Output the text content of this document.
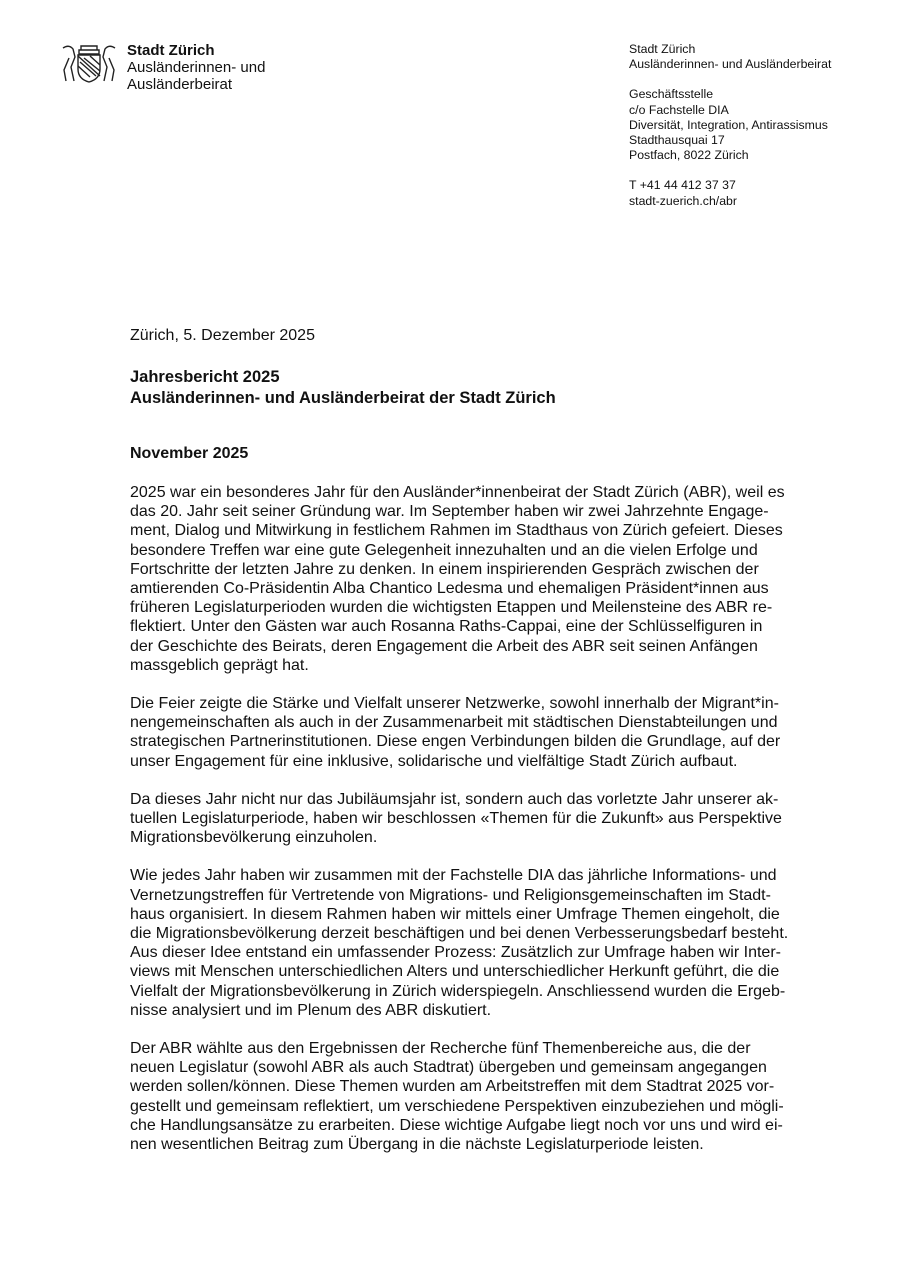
Stadt Zürich
Ausländerinnen- und
Ausländerbeirat
Stadt Zürich
Ausländerinnen- und Ausländerbeirat
Geschäftsstelle
c/o Fachstelle DIA
Diversität, Integration, Antirassismus
Stadthausquai 17
Postfach, 8022 Zürich
T +41 44 412 37 37
stadt-zuerich.ch/abr
Zürich, 5. Dezember 2025
Jahresbericht 2025
Ausländerinnen- und Ausländerbeirat der Stadt Zürich
November 2025
2025 war ein besonderes Jahr für den Ausländer*innenbeirat der Stadt Zürich (ABR), weil es
das 20. Jahr seit seiner Gründung war. Im September haben wir zwei Jahrzehnte Engage-
ment, Dialog und Mitwirkung in festlichem Rahmen im Stadthaus von Zürich gefeiert. Dieses
besondere Treffen war eine gute Gelegenheit innezuhalten und an die vielen Erfolge und
Fortschritte der letzten Jahre zu denken. In einem inspirierenden Gespräch zwischen der
amtierenden Co-Präsidentin Alba Chantico Ledesma und ehemaligen Präsident*innen aus
früheren Legislaturperioden wurden die wichtigsten Etappen und Meilensteine des ABR re-
flektiert. Unter den Gästen war auch Rosanna Raths-Cappai, eine der Schlüsselfiguren in
der Geschichte des Beirats, deren Engagement die Arbeit des ABR seit seinen Anfängen
massgeblich geprägt hat.
Die Feier zeigte die Stärke und Vielfalt unserer Netzwerke, sowohl innerhalb der Migrant*in-
nengemeinschaften als auch in der Zusammenarbeit mit städtischen Dienstabteilungen und
strategischen Partnerinstitutionen. Diese engen Verbindungen bilden die Grundlage, auf der
unser Engagement für eine inklusive, solidarische und vielfältige Stadt Zürich aufbaut.
Da dieses Jahr nicht nur das Jubiläumsjahr ist, sondern auch das vorletzte Jahr unserer ak-
tuellen Legislaturperiode, haben wir beschlossen «Themen für die Zukunft» aus Perspektive
Migrationsbevölkerung einzuholen.
Wie jedes Jahr haben wir zusammen mit der Fachstelle DIA das jährliche Informations- und
Vernetzungstreffen für Vertretende von Migrations- und Religionsgemeinschaften im Stadt-
haus organisiert. In diesem Rahmen haben wir mittels einer Umfrage Themen eingeholt, die
die Migrationsbevölkerung derzeit beschäftigen und bei denen Verbesserungsbedarf besteht.
Aus dieser Idee entstand ein umfassender Prozess: Zusätzlich zur Umfrage haben wir Inter-
views mit Menschen unterschiedlichen Alters und unterschiedlicher Herkunft geführt, die die
Vielfalt der Migrationsbevölkerung in Zürich widerspiegeln. Anschliessend wurden die Ergeb-
nisse analysiert und im Plenum des ABR diskutiert.
Der ABR wählte aus den Ergebnissen der Recherche fünf Themenbereiche aus, die der
neuen Legislatur (sowohl ABR als auch Stadtrat) übergeben und gemeinsam angegangen
werden sollen/können. Diese Themen wurden am Arbeitstreffen mit dem Stadtrat 2025 vor-
gestellt und gemeinsam reflektiert, um verschiedene Perspektiven einzubeziehen und mögli-
che Handlungsansätze zu erarbeiten. Diese wichtige Aufgabe liegt noch vor uns und wird ei-
nen wesentlichen Beitrag zum Übergang in die nächste Legislaturperiode leisten.
